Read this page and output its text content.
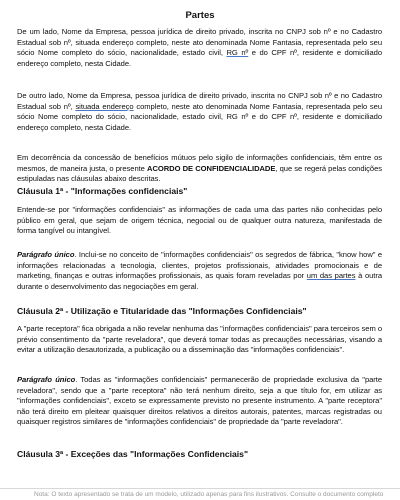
Partes

De um lado, Nome da Empresa, pessoa jurídica de direito privado, inscrita no CNPJ sob nº e no Cadastro Estadual sob nº, situada endereço completo, neste ato denominada Nome Fantasia, representada pelo seu sócio Nome completo do sócio, nacionalidade, estado civil, RG nº e do CPF nº, residente e domiciliado endereço completo, nesta Cidade.

De outro lado, Nome da Empresa, pessoa jurídica de direito privado, inscrita no CNPJ sob nº e no Cadastro Estadual sob nº, situada endereço completo, neste ato denominada Nome Fantasia, representada pelo seu sócio Nome completo do sócio, nacionalidade, estado civil, RG nº e do CPF nº, residente e domiciliado endereço completo, nesta Cidade.

Em decorrência da concessão de benefícios mútuos pelo sigilo de informações confidenciais, têm entre os mesmos, de maneira justa, o presente ACORDO DE CONFIDENCIALIDADE, que se regerá pelas condições estipuladas nas cláusulas abaixo descritas.

Cláusula 1ª - "Informações confidenciais"

Entende-se por "informações confidenciais" as informações de cada uma das partes não conhecidas pelo público em geral, que sejam de origem técnica, negocial ou de qualquer outra natureza, manifestada de forma tangível ou intangível.

Parágrafo único. Inclui-se no conceito de "informações confidenciais" os segredos de fábrica, "know how" e informações relacionadas a tecnologia, clientes, projetos profissionais, atividades promocionais e de marketing, finanças e outras informações profissionais, as quais foram reveladas por um das partes à outra durante o desenvolvimento das negociações em geral.

Cláusula 2ª - Utilização e Titularidade das "Informações Confidenciais"

A "parte receptora" fica obrigada a não revelar nenhuma das "informações confidenciais" para terceiros sem o prévio consentimento da "parte reveladora", que deverá tomar todas as precauções necessárias, visando a evitar a utilização desautorizada, a publicação ou a disseminação das "informações confidenciais".

Parágrafo único. Todas as "informações confidenciais" permanecerão de propriedade exclusiva da "parte reveladora", sendo que a "parte receptora" não terá nenhum direito, seja a que título for, em utilizar as "informações confidenciais", exceto se expressamente previsto no presente instrumento. A "parte receptora" não terá direito em pleitear quaisquer direitos relativos a direitos autorais, patentes, marcas registradas ou quaisquer registros similares de "informações confidenciais" de propriedade da "parte reveladora".

Cláusula 3ª - Exceções das "Informações Confidenciais"
Nota: O texto apresentado se trata de um modelo, utilizado apenas para fins ilustrativos. Consulte o documento completo
